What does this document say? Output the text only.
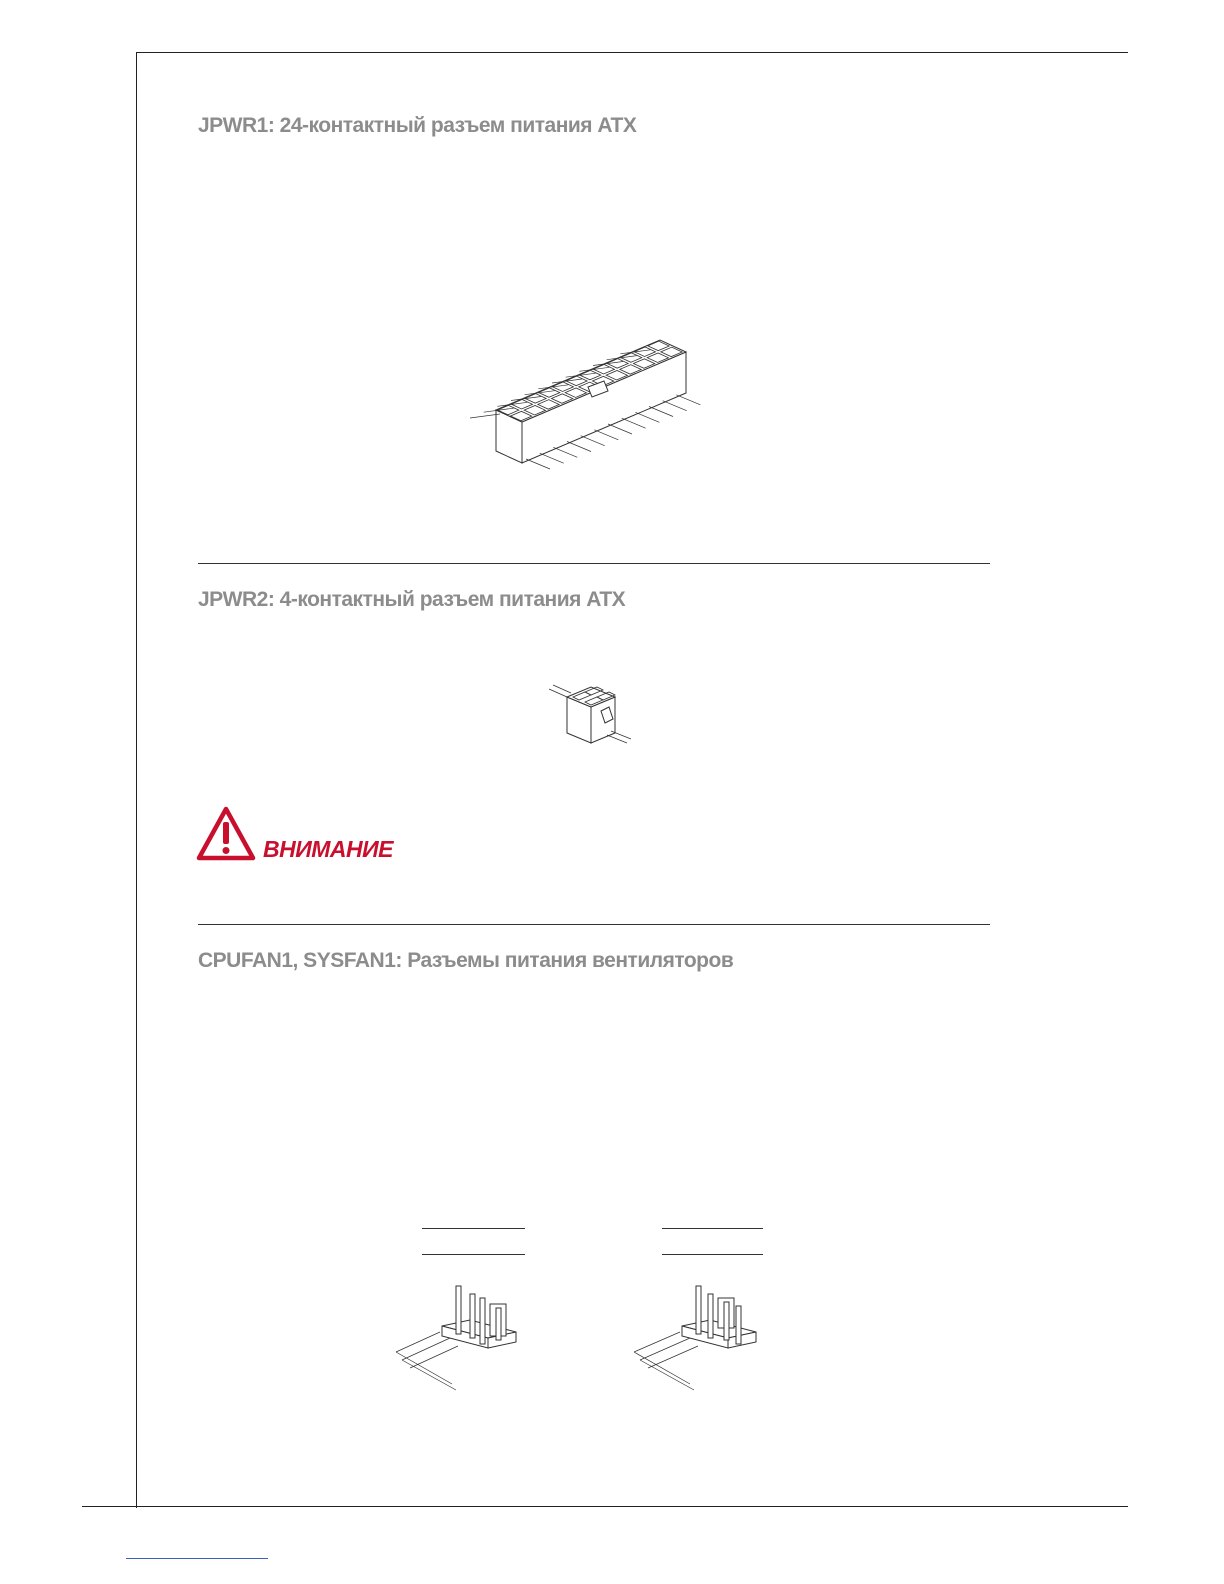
JPWR1: 24-контактный разъем питания ATX
JPWR2: 4-контактный разъем питания ATX
ВНИМАНИЕ
CPUFAN1, SYSFAN1: Разъемы питания вентиляторов
